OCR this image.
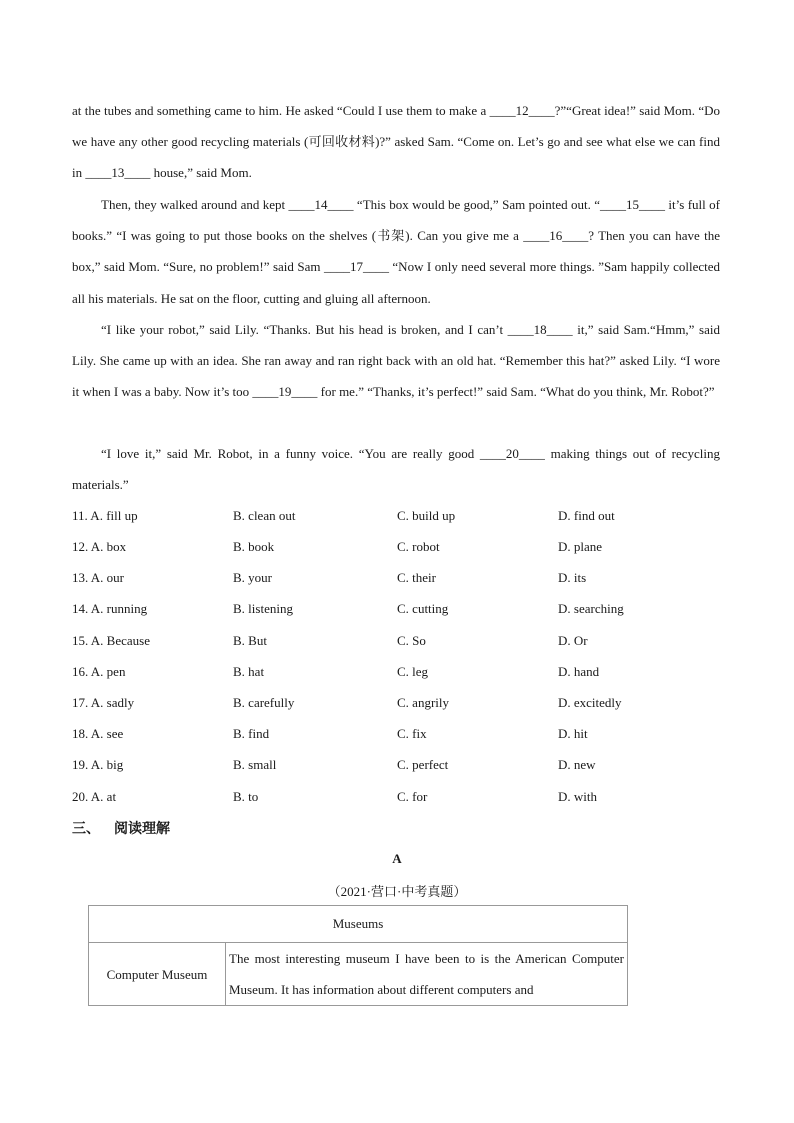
at the tubes and something came to him. He asked “Could I use them to make a ____12____?”“Great idea!” said Mom. “Do we have any other good recycling materials (可回收材料)?” asked Sam. “Come on. Let’s go and see what else we can find in ____13____ house,” said Mom.

Then, they walked around and kept ____14____ “This box would be good,” Sam pointed out. “____15____ it’s full of books.” “I was going to put those books on the shelves (书架). Can you give me a ____16____? Then you can have the box,” said Mom. “Sure, no problem!” said Sam ____17____ “Now I only need several more things. ”Sam happily collected all his materials. He sat on the floor, cutting and gluing all afternoon.

“I like your robot,” said Lily. “Thanks. But his head is broken, and I can’t ____18____ it,” said Sam.“Hmm,” said Lily. She came up with an idea. She ran away and ran right back with an old hat. “Remember this hat?” asked Lily. “I wore it when I was a baby. Now it’s too ____19____ for me.” “Thanks, it’s perfect!” said Sam. “What do you think, Mr. Robot?”

“I love it,” said Mr. Robot, in a funny voice. “You are really good ____20____ making things out of recycling materials.”

11. A. fill up	B. clean out	C. build up	D. find out
12. A. box	B. book	C. robot	D. plane
13. A. our	B. your	C. their	D. its
14. A. running	B. listening	C. cutting	D. searching
15. A. Because	B. But	C. So	D. Or
16. A. pen	B. hat	C. leg	D. hand
17. A. sadly	B. carefully	C. angrily	D. excitedly
18. A. see	B. find	C. fix	D. hit
19. A. big	B. small	C. perfect	D. new
20. A. at	B. to	C. for	D. with
三、 阅读理解
A
（2021·营口·中考真题）
Museums
Computer Museum	The most interesting museum I have been to is the American Computer Museum. It has information about different computers and
